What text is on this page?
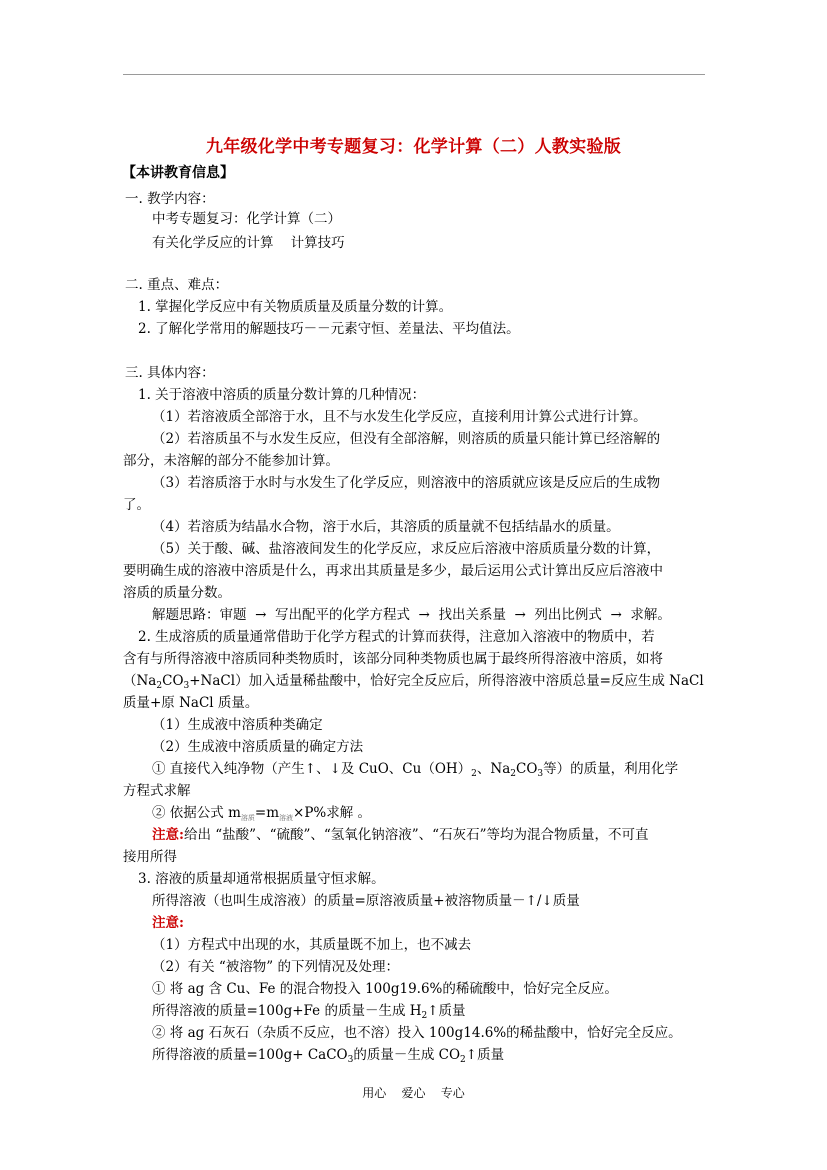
九年级化学中考专题复习：化学计算（二）人教实验版
【本讲教育信息】
一. 教学内容：
中考专题复习：化学计算（二）
有关化学反应的计算    计算技巧
二. 重点、难点：
1. 掌握化学反应中有关物质质量及质量分数的计算。
2. 了解化学常用的解题技巧－－元素守恒、差量法、平均值法。
三. 具体内容：
1. 关于溶液中溶质的质量分数计算的几种情况：
（1）若溶液质全部溶于水，且不与水发生化学反应，直接利用计算公式进行计算。
（2）若溶质虽不与水发生反应，但没有全部溶解，则溶质的质量只能计算已经溶解的
部分，未溶解的部分不能参加计算。
（3）若溶质溶于水时与水发生了化学反应，则溶液中的溶质就应该是反应后的生成物
了。
（4）若溶质为结晶水合物，溶于水后，其溶质的质量就不包括结晶水的质量。
（5）关于酸、碱、盐溶液间发生的化学反应，求反应后溶液中溶质质量分数的计算，
要明确生成的溶液中溶质是什么，再求出其质量是多少，最后运用公式计算出反应后溶液中
溶质的质量分数。
解题思路：审题  →  写出配平的化学方程式  →  找出关系量  →  列出比例式  →  求解。
2. 生成溶质的质量通常借助于化学方程式的计算而获得，注意加入溶液中的物质中，若
含有与所得溶液中溶质同种类物质时，该部分同种类物质也属于最终所得溶液中溶质，如将
$(Na_2CO_3+NaCl)$加入适量稀盐酸中，恰好完全反应后，所得溶液中溶质总量=反应生成 NaCl
质量+原 NaCl 质量。
（1）生成液中溶质种类确定
（2）生成液中溶质质量的确定方法
① 直接代入纯净物（产生↑、↓及 CuO、$Cu(OH)_2$、$Na_2CO_3$等）的质量，利用化学
方程式求解
② 依据公式 $m_{溶质}=m_{溶液}\times P\%$求解 。
注意:给出 “盐酸”、“硫酸”、“氢氧化钠溶液”、“石灰石”等均为混合物质量，不可直
接用所得
3. 溶液的质量却通常根据质量守恒求解。
所得溶液（也叫生成溶液）的质量=原溶液质量+被溶物质量－↑/↓质量
注意:
（1）方程式中出现的水，其质量既不加上，也不减去
（2）有关 “被溶物” 的下列情况及处理：
① 将 ag 含 Cu、Fe 的混合物投入 100g19.6%的稀硫酸中，恰好完全反应。
所得溶液的质量=100g+Fe 的质量－生成 $H_2↑$质量
② 将 ag 石灰石（杂质不反应，也不溶）投入 100g14.6%的稀盐酸中，恰好完全反应。
所得溶液的质量=100g+ CaCO$_3$的质量－生成 $CO_2↑$质量
用心    爱心    专心
